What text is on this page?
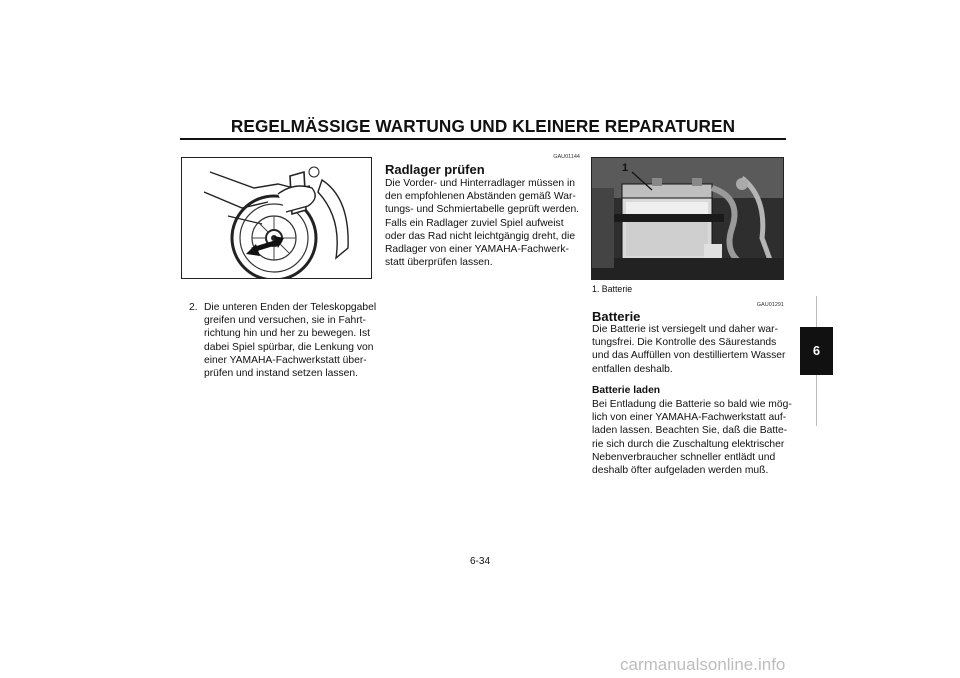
REGELMÄSSIGE WARTUNG UND KLEINERE REPARATUREN
2. Die unteren Enden der Teleskopgabel
greifen und versuchen, sie in Fahrt-
richtung hin und her zu bewegen. Ist
dabei Spiel spürbar, die Lenkung von
einer YAMAHA-Fachwerkstatt über-
prüfen und instand setzen lassen.
GAU01144
Radlager prüfen
Die Vorder- und Hinterradlager müssen in
den empfohlenen Abständen gemäß War-
tungs- und Schmiertabelle geprüft werden.
Falls ein Radlager zuviel Spiel aufweist
oder das Rad nicht leichtgängig dreht, die
Radlager von einer YAMAHA-Fachwerk-
statt überprüfen lassen.
1
1. Batterie
GAU01291
Batterie
Die Batterie ist versiegelt und daher war-
tungsfrei. Die Kontrolle des Säurestands
und das Auffüllen von destilliertem Wasser
entfallen deshalb.
Batterie laden
Bei Entladung die Batterie so bald wie mög-
lich von einer YAMAHA-Fachwerkstatt auf-
laden lassen. Beachten Sie, daß die Batte-
rie sich durch die Zuschaltung elektrischer
Nebenverbraucher schneller entlädt und
deshalb öfter aufgeladen werden muß.
6
6-34
carmanualsonline.info
